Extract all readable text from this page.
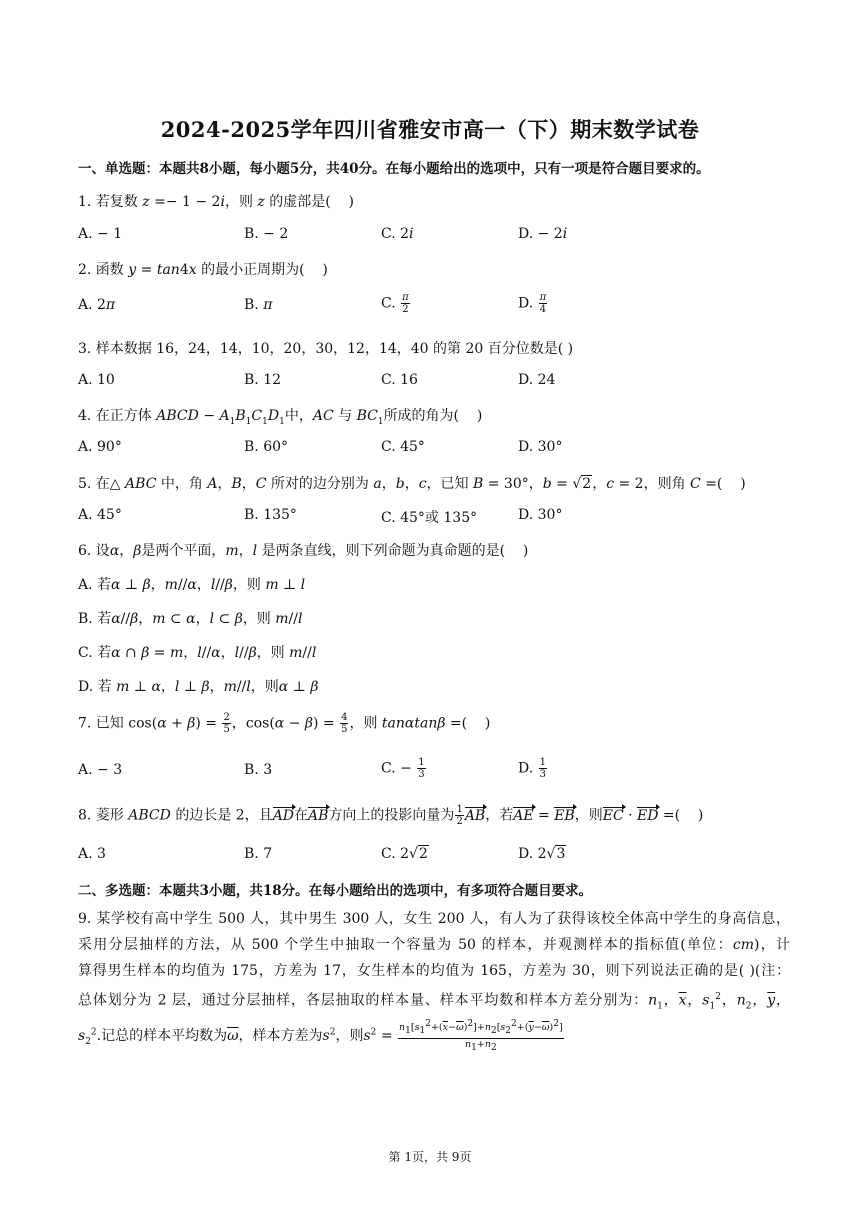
2024-2025学年四川省雅安市高一（下）期末数学试卷
一、单选题：本题共8小题，每小题5分，共40分。在每小题给出的选项中，只有一项是符合题目要求的。
1. 若复数 z =− 1 − 2i，则 z 的虚部是(    )
A. − 1	B. − 2	C. 2i	D. − 2i
2. 函数 y = tan4x 的最小正周期为(    )
A. 2π	B. π	C. $\frac{\pi}{2}$	D. $\frac{\pi}{4}$
3. 样本数据 16，24，14，10，20，30，12，14，40 的第 20 百分位数是( )
A. 10	B. 12	C. 16	D. 24
4. 在正方体 ABCD − $A_1B_1C_1D_1$中，AC 与 $BC_1$所成的角为(    )
A. 90°	B. 60°	C. 45°	D. 30°
5. 在△ ABC 中，角 A，B，C 所对的边分别为 a，b，c，已知 B = 30°，b = √2，c = 2，则角 C =(    )
A. 45°	B. 135°	C. 45°或 135°	D. 30°
6. 设α，β是两个平面，m，l 是两条直线，则下列命题为真命题的是(    )
A. 若α ⊥ β，m//α，l//β，则 m ⊥ l
B. 若α//β，m ⊂ α，l ⊂ β，则 m//l
C. 若α ∩ β = m，l//α，l//β，则 m//l
D. 若 m ⊥ α，l ⊥ β，m//l，则α ⊥ β
7. 已知 $\cos(\alpha + \beta) = \frac{2}{5}$ ，$\cos(\alpha - \beta) = \frac{4}{5}$ ，则 tanαtanβ =(    )
A. − 3	B. 3	C. − $\frac{1}{3}$	D. $\frac{1}{3}$
8. 菱形 ABCD 的边长是 2，且AD在AB方向上的投影向量为 $\frac{1}{2}$ AB，若AE = EB，则EC · ED =(    )
A. 3	B. 7	C. 2√2	D. 2√3
二、多选题：本题共3小题，共18分。在每小题给出的选项中，有多项符合题目要求。
9. 某学校有高中学生 500 人，其中男生 300 人，女生 200 人，有人为了获得该校全体高中学生的身高信息，
采用分层抽样的方法，从 500 个学生中抽取一个容量为 50 的样本，并观测样本的指标值(单位：cm)，计
算得男生样本的均值为 175，方差为 17，女生样本的均值为 165，方差为 30，则下列说法正确的是( )(注：
总体划分为 2 层，通过分层抽样，各层抽取的样本量、样本平均数和样本方差分别为：$n_1$，$\overline{x}$，$s_1^2$，$n_2$，$\overline{y}$，
$s_2^2$.记总的样本平均数为$\overline{\omega}$，样本方差为$s^2$，则$s^2 = \frac{n_1[s_1^2+(\overline{x}-\overline{\omega})^2]+n_2[s_2^2+(\overline{y}-\overline{\omega})^2]}{n_1+n_2}$
第 1页，共 9页
